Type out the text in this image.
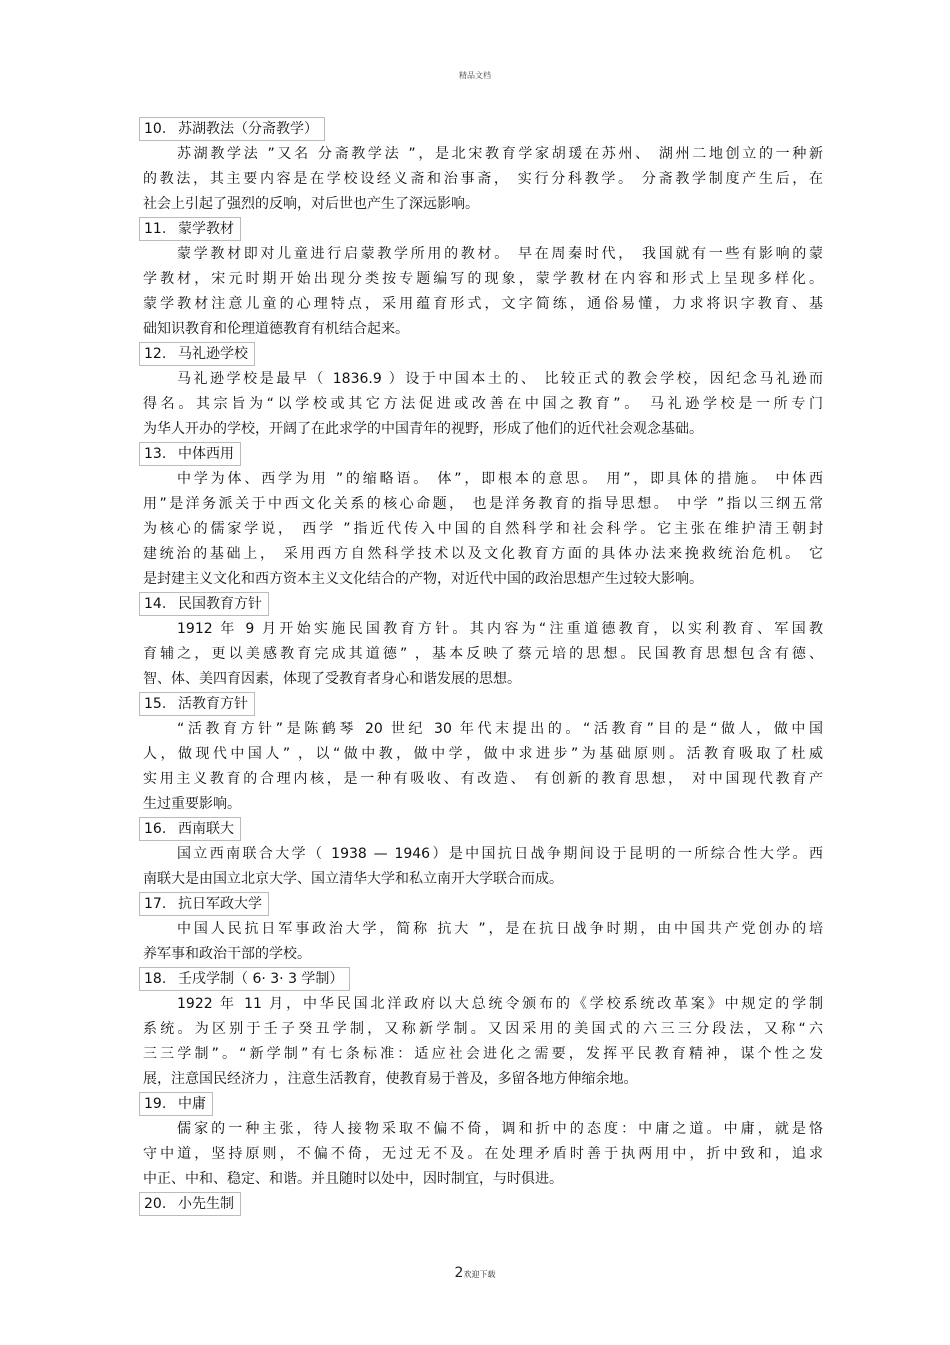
精品文档
10. 苏湖教法（分斋教学）
苏湖教学法 ”又名 分斋教学法 ”，是北宋教育学家胡瑗在苏州、 湖州二地创立的一种新
的教法，其主要内容是在学校设经义斋和治事斋， 实行分科教学。 分斋教学制度产生后，在
社会上引起了强烈的反响，对后世也产生了深远影响。
11. 蒙学教材
蒙学教材即对儿童进行启蒙教学所用的教材。 早在周秦时代， 我国就有一些有影响的蒙
学教材，宋元时期开始出现分类按专题编写的现象，蒙学教材在内容和形式上呈现多样化。
蒙学教材注意儿童的心理特点，采用蕴育形式，文字简练，通俗易懂，力求将识字教育、基
础知识教育和伦理道德教育有机结合起来。
12. 马礼逊学校
马礼逊学校是最早（ 1836.9 ）设于中国本土的、 比较正式的教会学校，因纪念马礼逊而
得名。其宗旨为“以学校或其它方法促进或改善在中国之教育”。 马礼逊学校是一所专门
为华人开办的学校，开阔了在此求学的中国青年的视野，形成了他们的近代社会观念基础。
13. 中体西用
中学为体、西学为用 ”的缩略语。 体”，即根本的意思。 用”，即具体的措施。 中体西
用”是洋务派关于中西文化关系的核心命题， 也是洋务教育的指导思想。 中学 ”指以三纲五常
为核心的儒家学说， 西学 ”指近代传入中国的自然科学和社会科学。它主张在维护清王朝封
建统治的基础上， 采用西方自然科学技术以及文化教育方面的具体办法来挽救统治危机。 它
是封建主义文化和西方资本主义文化结合的产物，对近代中国的政治思想产生过较大影响。
14. 民国教育方针
1912 年 9 月开始实施民国教育方针。其内容为“注重道德教育，以实利教育、军国教
育辅之，更以美感教育完成其道德” ，基本反映了蔡元培的思想。民国教育思想包含有德、
智、体、美四育因素，体现了受教育者身心和谐发展的思想。
15. 活教育方针
“活教育方针”是陈鹤琴 20 世纪 30 年代末提出的。“活教育”目的是“做人，做中国
人，做现代中国人” ，以“做中教，做中学，做中求进步”为基础原则。活教育吸取了杜威
实用主义教育的合理内核，是一种有吸收、有改造、 有创新的教育思想， 对中国现代教育产
生过重要影响。
16. 西南联大
国立西南联合大学（ 1938 — 1946）是中国抗日战争期间设于昆明的一所综合性大学。西
南联大是由国立北京大学、国立清华大学和私立南开大学联合而成。
17. 抗日军政大学
中国人民抗日军事政治大学，简称 抗大 ”，是在抗日战争时期，由中国共产党创办的培
养军事和政治干部的学校。
18. 壬戌学制（ 6· 3· 3 学制）
1922 年 11 月，中华民国北洋政府以大总统令颁布的《学校系统改革案》中规定的学制
系统。为区别于壬子癸丑学制，又称新学制。又因采用的美国式的六三三分段法，又称“六
三三学制”。“新学制”有七条标准：适应社会进化之需要，发挥平民教育精神，谋个性之发
展，注意国民经济力 ，注意生活教育，使教育易于普及，多留各地方伸缩余地。
19. 中庸
儒家的一种主张，待人接物采取不偏不倚，调和折中的态度：中庸之道。中庸，就是恪
守中道，坚持原则，不偏不倚，无过无不及。在处理矛盾时善于执两用中，折中致和，追求
中正、中和、稳定、和谐。并且随时以处中，因时制宜，与时俱进。
20. 小先生制
2欢迎下载
